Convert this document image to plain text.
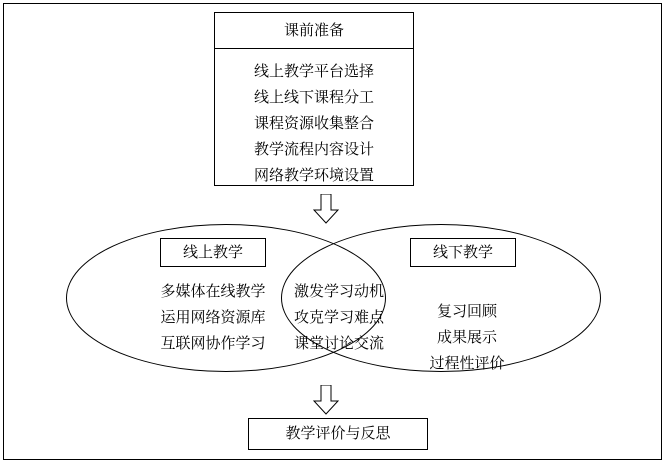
课前准备
线上教学平台选择
线上线下课程分工
课程资源收集整合
教学流程内容设计
网络教学环境设置
线上教学	线下教学
多媒体在线教学
运用网络资源库
互联网协作学习
激发学习动机
攻克学习难点
课堂讨论交流
复习回顾
成果展示
过程性评价
教学评价与反思
